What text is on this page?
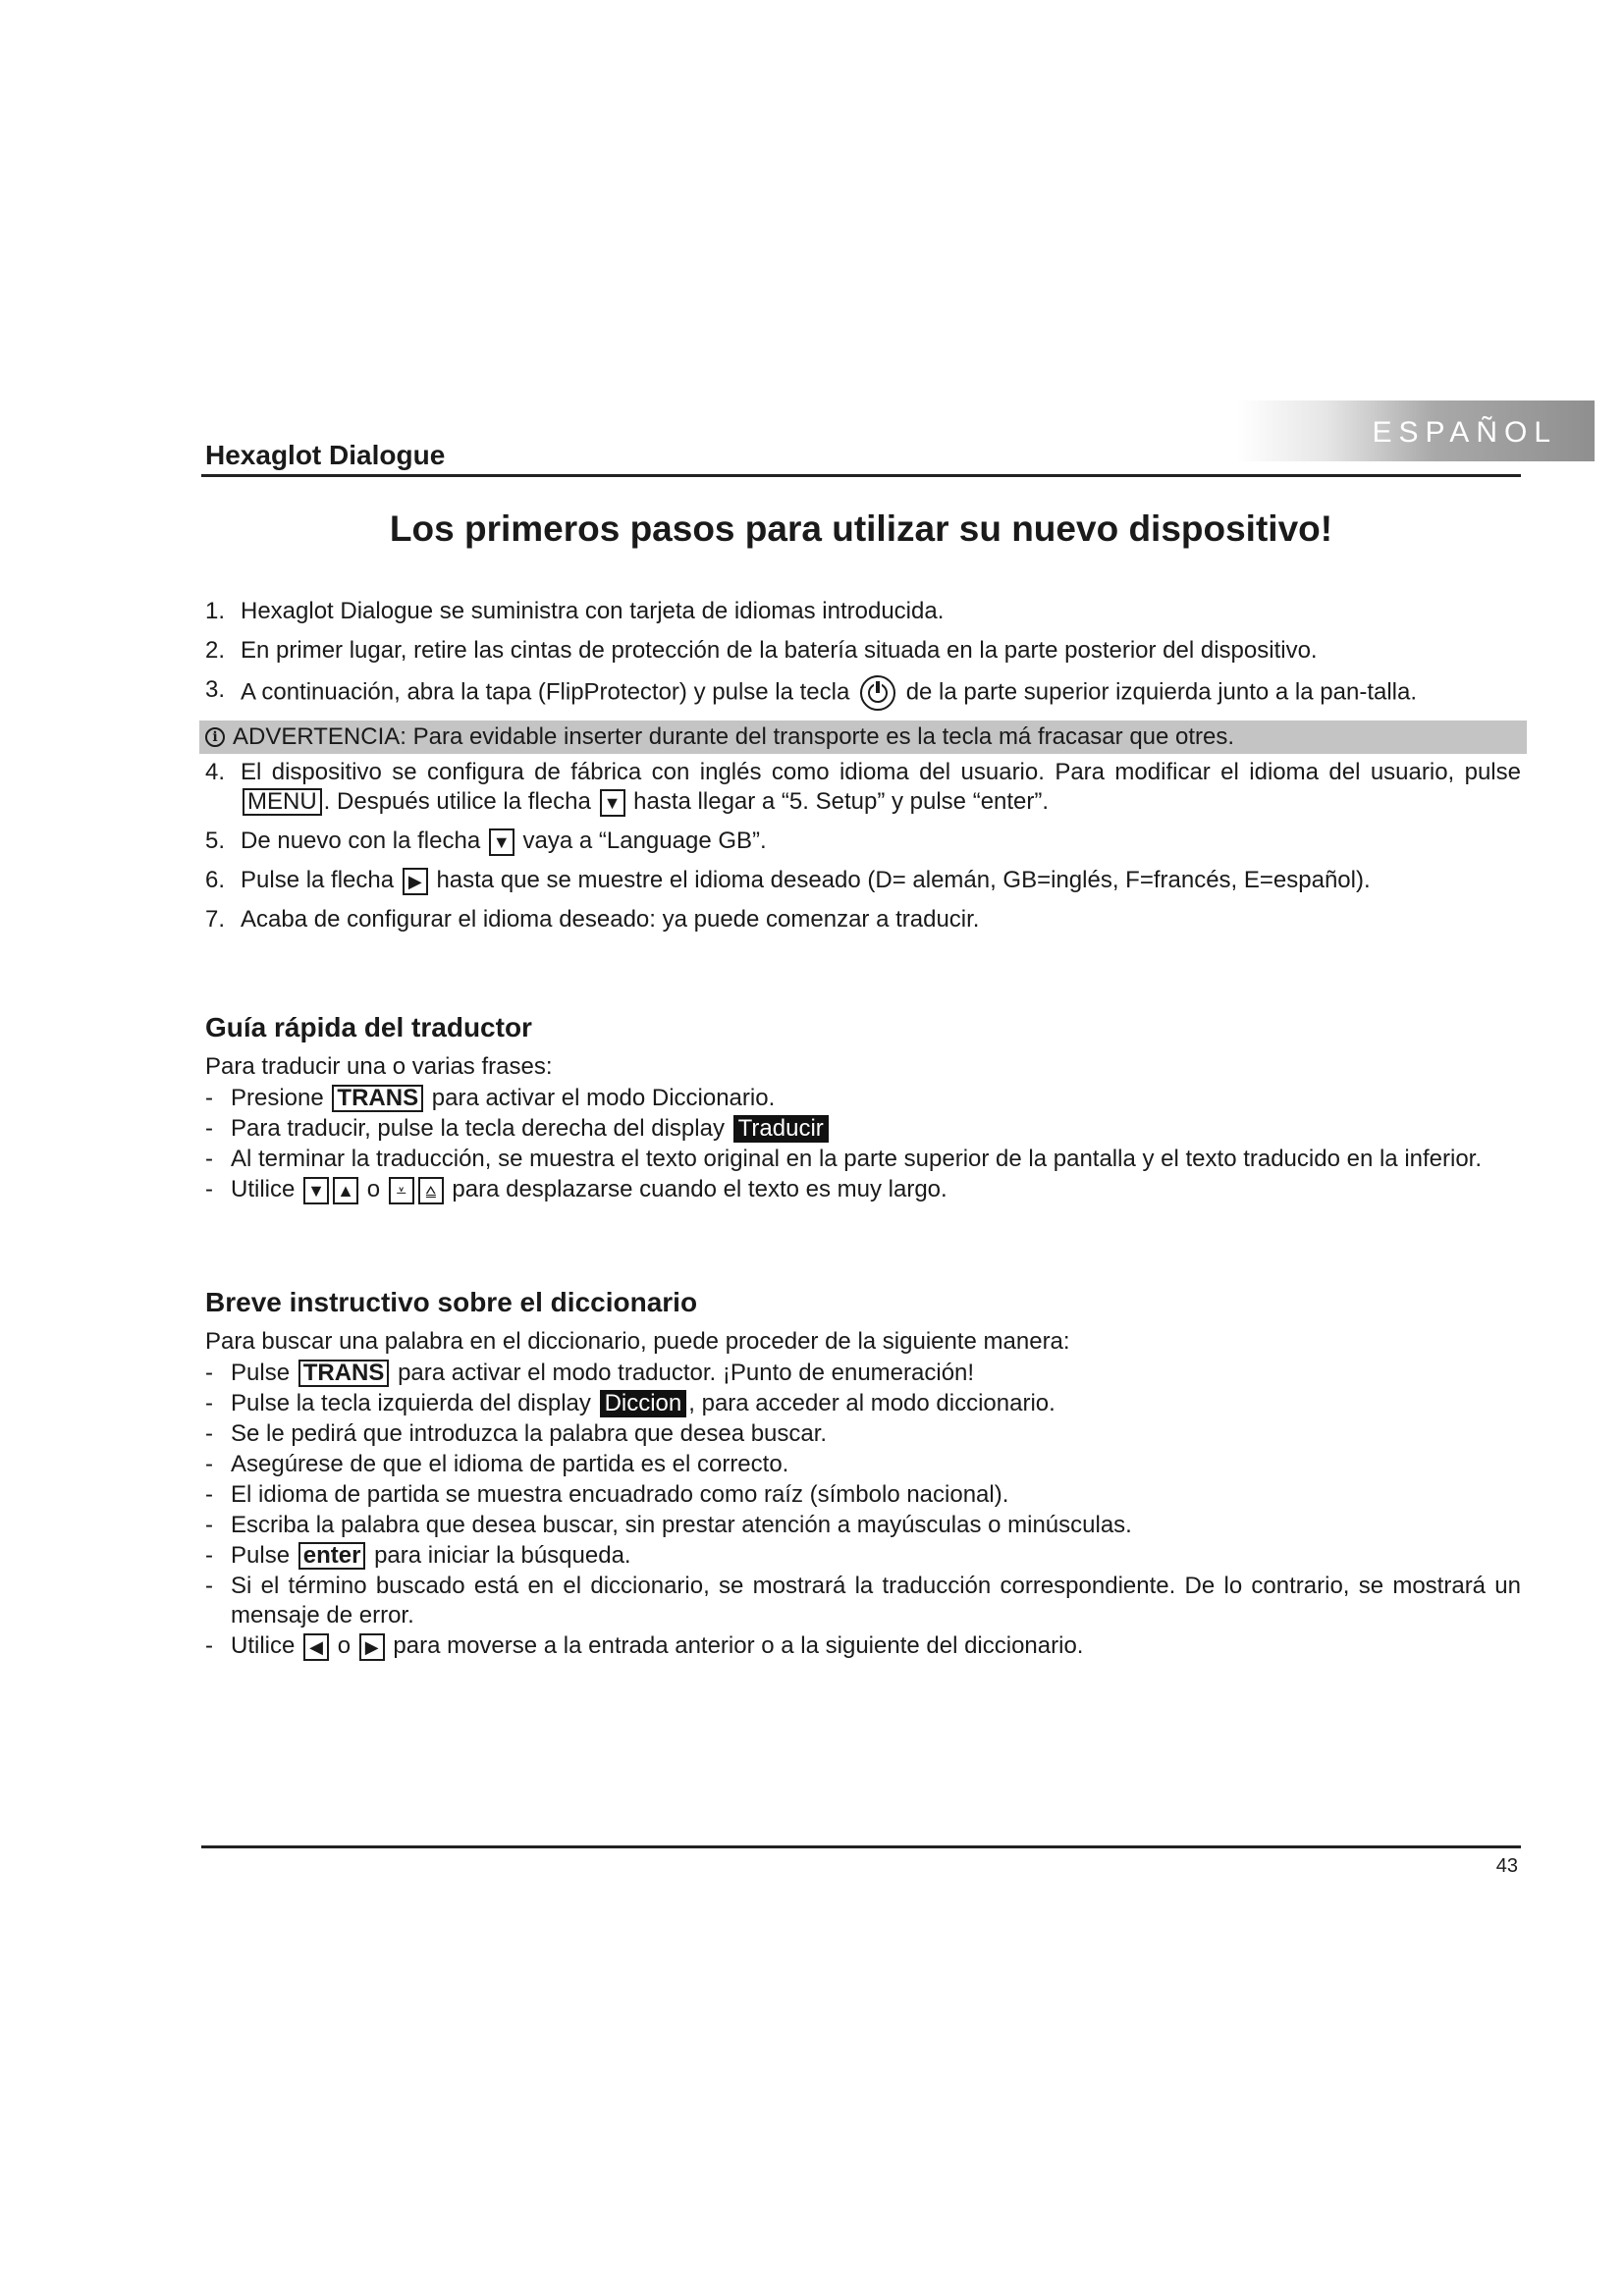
ESPAÑOL
Hexaglot Dialogue
Los primeros pasos para utilizar su nuevo dispositivo!
1. Hexaglot Dialogue se suministra con tarjeta de idiomas introducida.
2. En primer lugar, retire las cintas de protección de la batería situada en la parte posterior del dispositivo.
3. A continuación, abra la tapa (FlipProtector) y pulse la tecla de la parte superior izquierda junto a la pan-talla.
i ADVERTENCIA: Para evidable inserter durante del transporte es la tecla má fracasar que otres.
4. El dispositivo se configura de fábrica con inglés como idioma del usuario. Para modificar el idioma del usuario, pulse MENU . Después utilice la flecha ▼ hasta llegar a “5. Setup” y pulse “enter”.
5. De nuevo con la flecha ▼ vaya a “Language GB”.
6. Pulse la flecha ▶ hasta que se muestre el idioma deseado (D= alemán, GB=inglés, F=francés, E=español).
7. Acaba de configurar el idioma deseado: ya puede comenzar a traducir.
Guía rápida del traductor
Para traducir una o varias frases:
- Presione TRANS para activar el modo Diccionario.
- Para traducir, pulse la tecla derecha del display Traducir
- Al terminar la traducción, se muestra el texto original en la parte superior de la pantalla y el texto traducido en la inferior.
- Utilice ▼ ▲ o ⩡ ⩠ para desplazarse cuando el texto es muy largo.
Breve instructivo sobre el diccionario
Para buscar una palabra en el diccionario, puede proceder de la siguiente manera:
- Pulse TRANS para activar el modo traductor. ¡Punto de enumeración!
- Pulse la tecla izquierda del display Diccion , para acceder al modo diccionario.
- Se le pedirá que introduzca la palabra que desea buscar.
- Asegúrese de que el idioma de partida es el correcto.
- El idioma de partida se muestra encuadrado como raíz (símbolo nacional).
- Escriba la palabra que desea buscar, sin prestar atención a mayúsculas o minúsculas.
- Pulse enter para iniciar la búsqueda.
- Si el término buscado está en el diccionario, se mostrará la traducción correspondiente. De lo contrario, se mostrará un mensaje de error.
- Utilice ◀ o ▶ para moverse a la entrada anterior o a la siguiente del diccionario.
43
